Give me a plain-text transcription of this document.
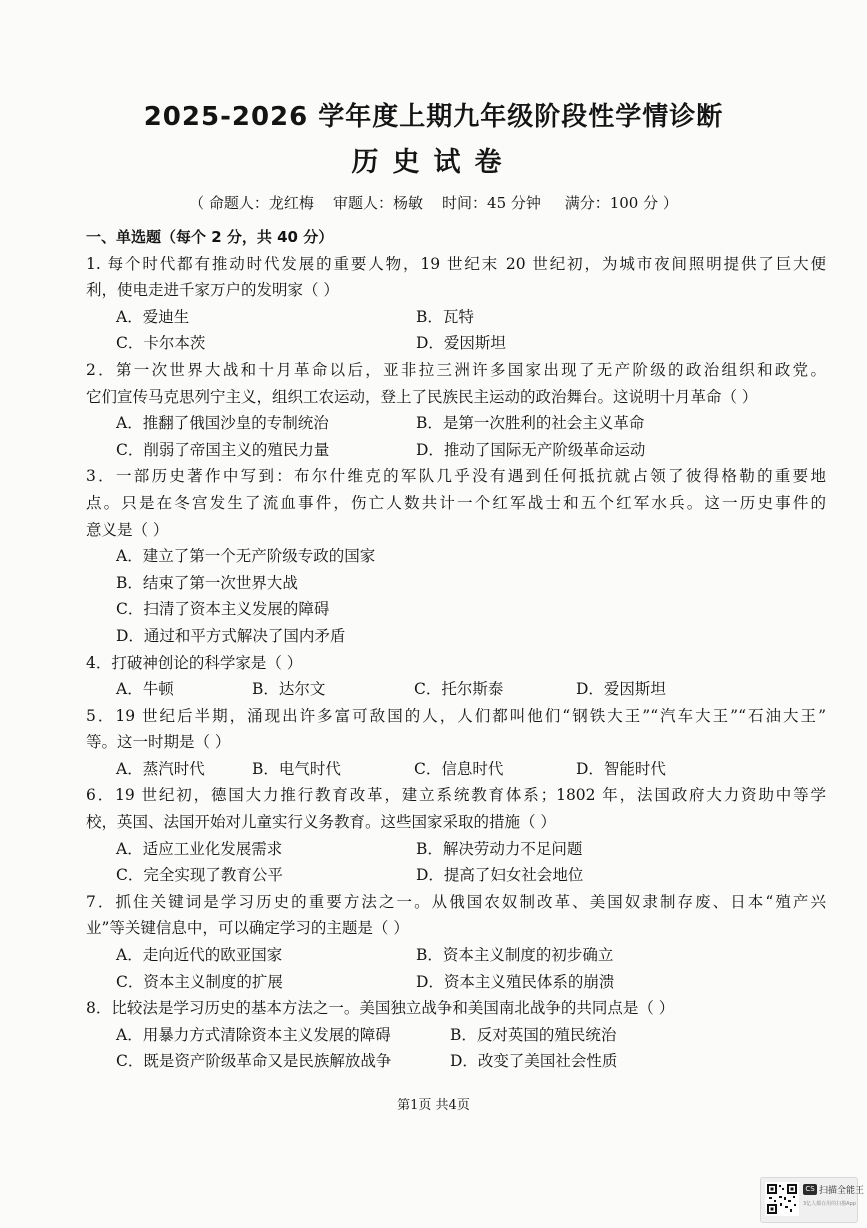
2025-2026 学年度上期九年级阶段性学情诊断
历史试卷
（ 命题人：龙红梅    审题人：杨敏    时间：45 分钟     满分：100 分 ）
一、单选题（每个 2 分，共 40 分）
1. 每个时代都有推动时代发展的重要人物，19 世纪末 20 世纪初，为城市夜间照明提供了巨大便
利，使电走进千家万户的发明家（ ）
A．爱迪生	B．瓦特
C．卡尔本茨	D．爱因斯坦
2．第一次世界大战和十月革命以后，亚非拉三洲许多国家出现了无产阶级的政治组织和政党。
它们宣传马克思列宁主义，组织工农运动，登上了民族民主运动的政治舞台。这说明十月革命（ ）
A．推翻了俄国沙皇的专制统治	B．是第一次胜利的社会主义革命
C．削弱了帝国主义的殖民力量	D．推动了国际无产阶级革命运动
3．一部历史著作中写到：布尔什维克的军队几乎没有遇到任何抵抗就占领了彼得格勒的重要地
点。只是在冬宫发生了流血事件，伤亡人数共计一个红军战士和五个红军水兵。这一历史事件的
意义是（ ）
A．建立了第一个无产阶级专政的国家
B．结束了第一次世界大战
C．扫清了资本主义发展的障碍
D．通过和平方式解决了国内矛盾
4．打破神创论的科学家是（ ）
A．牛顿	B．达尔文	C．托尔斯泰	D．爱因斯坦
5．19 世纪后半期，涌现出许多富可敌国的人，人们都叫他们“钢铁大王”“汽车大王”“石油大王”
等。这一时期是（ ）
A．蒸汽时代	B．电气时代	C．信息时代	D．智能时代
6．19 世纪初，德国大力推行教育改革，建立系统教育体系；1802 年，法国政府大力资助中等学
校，英国、法国开始对儿童实行义务教育。这些国家采取的措施（ ）
A．适应工业化发展需求	B．解决劳动力不足问题
C．完全实现了教育公平	D．提高了妇女社会地位
7．抓住关键词是学习历史的重要方法之一。从俄国农奴制改革、美国奴隶制存废、日本“殖产兴
业”等关键信息中，可以确定学习的主题是（ ）
A．走向近代的欧亚国家	B．资本主义制度的初步确立
C．资本主义制度的扩展	D．资本主义殖民体系的崩溃
8．比较法是学习历史的基本方法之一。美国独立战争和美国南北战争的共同点是（ ）
A．用暴力方式清除资本主义发展的障碍	B．反对英国的殖民统治
C．既是资产阶级革命又是民族解放战争	D．改变了美国社会性质
第1页 共4页
CS 扫描全能王
3亿人都在用的扫描App
